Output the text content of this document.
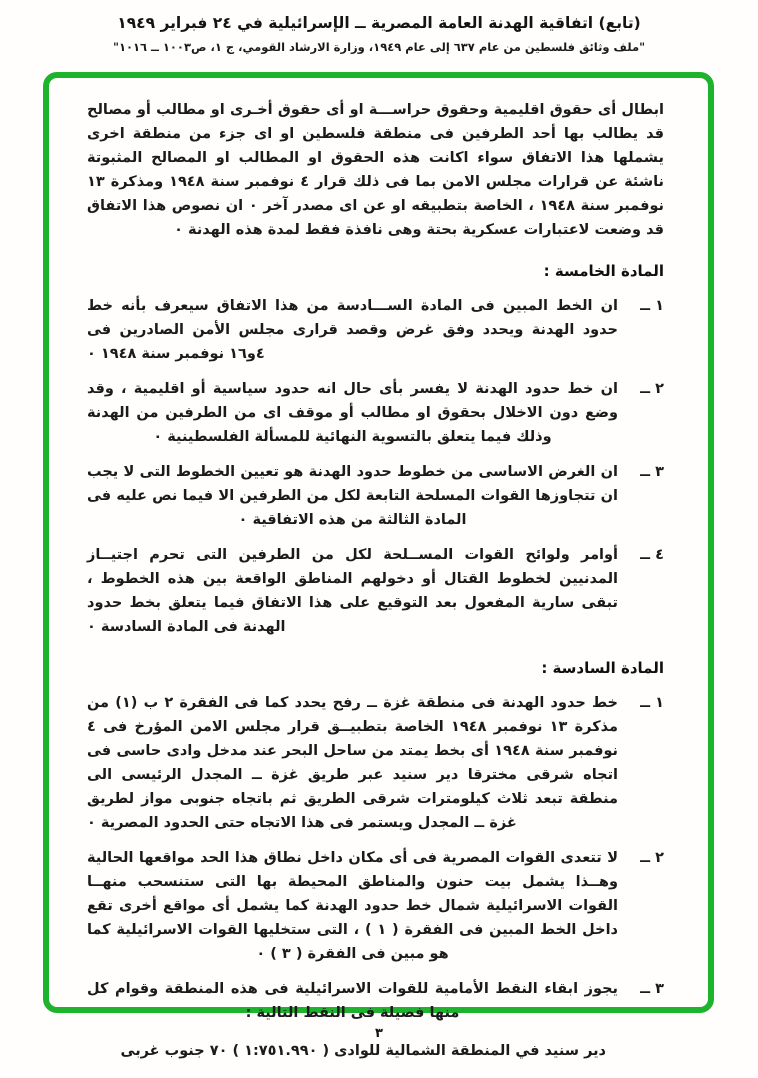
(تابع) اتفاقية الهدنة العامة المصرية ــ الإسرائيلية في ٢٤ فبراير ١٩٤٩
"ملف وثائق فلسطين من عام ٦٣٧ إلى عام ١٩٤٩، وزارة الارشاد القومي، ج ١، ص١٠٠٣ ــ ١٠١٦"

ابطال أى حقوق اقليمية وحقوق حراســـة او أى حقوق أخـرى او مطالب أو مصالح قد يطالب بها أحد الطرفين فى منطقة فلسطين او اى جزء من منطقة اخرى يشملها هذا الاتفاق سواء اكانت هذه الحقوق او المطالب او المصالح المثبوتة ناشئة عن قرارات مجلس الامن بما فى ذلك قرار ٤ نوفمبر سنة ١٩٤٨ ومذكرة ١٣ نوفمبر سنة ١٩٤٨ ، الخاصة بتطبيقه او عن اى مصدر آخر ٠ ان نصوص هذا الاتفاق قد وضعت لاعتبارات عسكرية بحتة وهى نافذة فقط لمدة هذه الهدنة ٠

المادة الخامسة :
١ ــ
ان الخط المبين فى المادة الســـادسة من هذا الاتفاق سيعرف بأنه خط حدود الهدنة ويحدد وفق غرض وقصد قرارى مجلس الأمن الصادرين فى ٤و١٦ نوفمبر سنة ١٩٤٨ ٠
٢ ــ
ان خط حدود الهدنة لا يفسر بأى حال انه حدود سياسية أو اقليمية ، وقد وضع دون الاخلال بحقوق او مطالب أو موقف اى من الطرفين من الهدنة وذلك فيما يتعلق بالتسوية النهائية للمسألة الفلسطينية ٠
٣ ــ
ان الغرض الاساسى من خطوط حدود الهدنة هو تعيين الخطوط التى لا يجب ان تتجاوزها القوات المسلحة التابعة لكل من الطرفين الا فيما نص عليه فى المادة الثالثة من هذه الاتفاقية ٠
٤ ــ
أوامر ولوائح القوات المســلحة لكل من الطرفين التى تحرم اجتيــاز المدنيين لخطوط القتال أو دخولهم المناطق الواقعة بين هذه الخطوط ، تبقى سارية المفعول بعد التوقيع على هذا الاتفاق فيما يتعلق بخط حدود الهدنة فى المادة السادسة ٠
المادة السادسة :
١ ــ
خط حدود الهدنة فى منطقة غزة ــ رفح يحدد كما فى الفقرة ٢ ب (١) من مذكرة ١٣ نوفمبر ١٩٤٨ الخاصة بتطبيــق قرار مجلس الامن المؤرخ فى ٤ نوفمبر سنة ١٩٤٨ أى بخط يمتد من ساحل البحر عند مدخل وادى حاسى فى اتجاه شرقى مخترقا دير سنيد عبر طريق غزة ــ المجدل الرئيسى الى منطقة تبعد ثلاث كيلومترات شرقى الطريق ثم باتجاه جنوبى مواز لطريق غزة ــ المجدل ويستمر فى هذا الاتجاه حتى الحدود المصرية ٠
٢ ــ
لا تتعدى القوات المصرية فى أى مكان داخل نطاق هذا الحد مواقعها الحالية وهــذا يشمل بيت حنون والمناطق المحيطة بها التى ستنسحب منهــا القوات الاسرائيلية شمال خط حدود الهدنة كما يشمل أى مواقع أخرى تقع داخل الخط المبين فى الفقرة ( ١ ) ، التى ستخليها القوات الاسرائيلية كما هو مبين فى الفقرة ( ٣ ) ٠
٣ ــ
يجوز ابقاء النقط الأمامية للقوات الاسرائيلية فى هذه المنطقة وقوام كل منها فصيلة فى النقط التالية :
دير سنيد في المنطقة الشمالية للوادى ( ١:٧٥١.٩٩٠ ) ٧٠ جنوب غربى
٣
